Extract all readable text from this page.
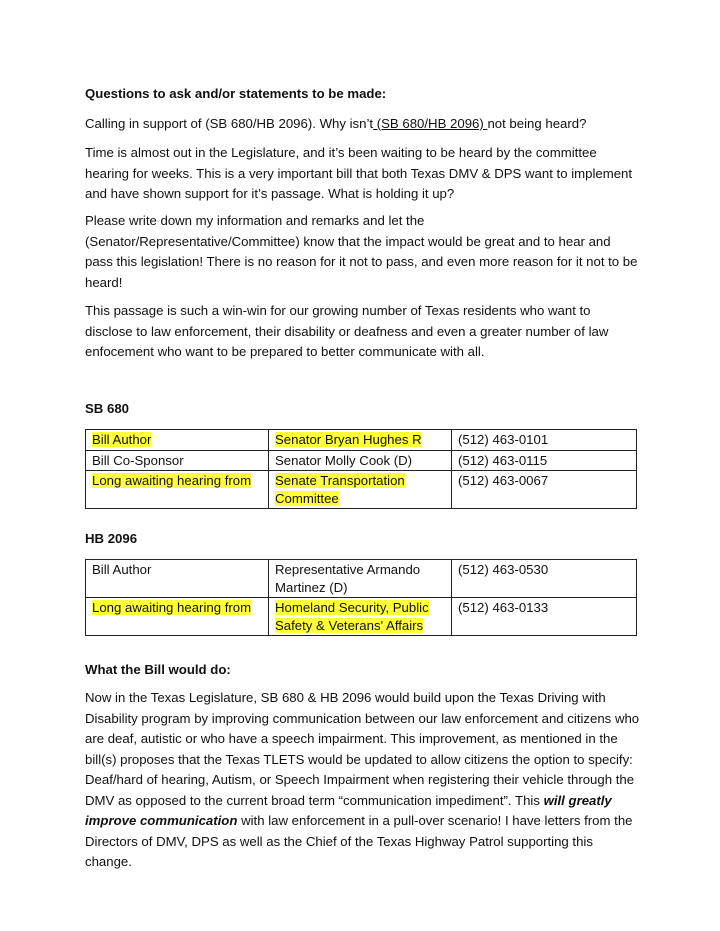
Questions to ask and/or statements to be made:

Calling in support of (SB 680/HB 2096). Why isn’t (SB 680/HB 2096) not being heard?

Time is almost out in the Legislature, and it’s been waiting to be heard by the committee hearing for weeks. This is a very important bill that both Texas DMV & DPS want to implement and have shown support for it’s passage. What is holding it up?

Please write down my information and remarks and let the (Senator/Representative/Committee) know that the impact would be great and to hear and pass this legislation! There is no reason for it not to pass, and even more reason for it not to be heard!

This passage is such a win-win for our growing number of Texas residents who want to disclose to law enforcement, their disability or deafness and even a greater number of law enfocement who want to be prepared to better communicate with all.

SB 680
Bill Author	Senator Bryan Hughes R	(512) 463-0101
Bill Co-Sponsor	Senator Molly Cook (D)	(512) 463-0115
Long awaiting hearing from	Senate Transportation Committee	(512) 463-0067
HB 2096
Bill Author	Representative Armando Martinez (D)	(512) 463-0530
Long awaiting hearing from	Homeland Security, Public Safety & Veterans' Affairs	(512) 463-0133
What the Bill would do:

Now in the Texas Legislature, SB 680 & HB 2096 would build upon the Texas Driving with Disability program by improving communication between our law enforcement and citizens who are deaf, autistic or who have a speech impairment. This improvement, as mentioned in the bill(s) proposes that the Texas TLETS would be updated to allow citizens the option to specify: Deaf/hard of hearing, Autism, or Speech Impairment when registering their vehicle through the DMV as opposed to the current broad term “communication impediment”. This will greatly improve communication with law enforcement in a pull-over scenario! I have letters from the Directors of DMV, DPS as well as the Chief of the Texas Highway Patrol supporting this change.
